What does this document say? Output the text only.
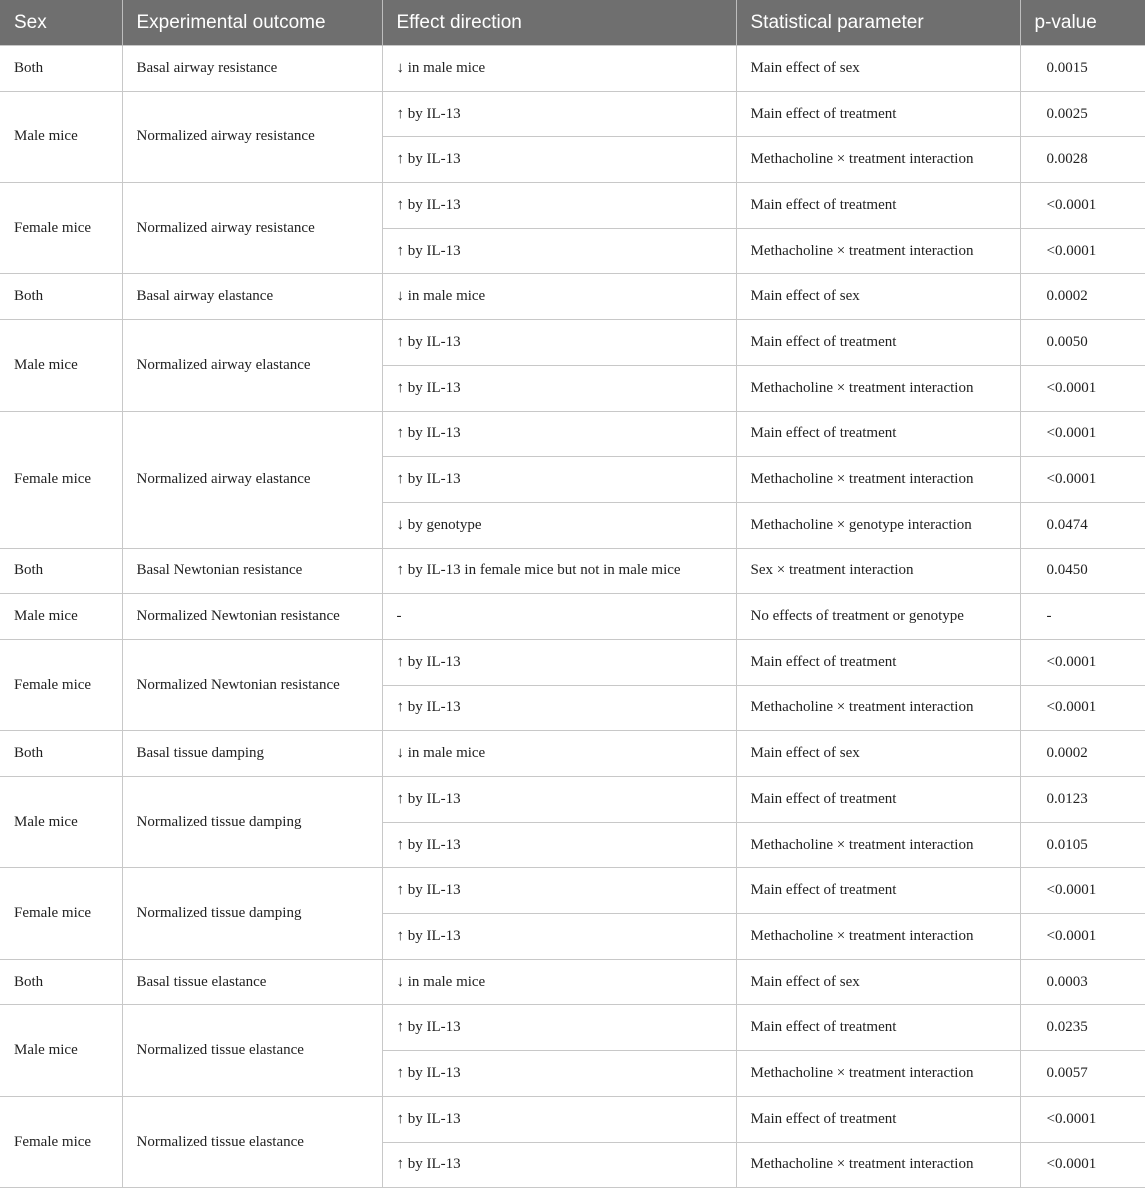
Sex	Experimental outcome	Effect direction	Statistical parameter	p-value
Both	Basal airway resistance	↓ in male mice	Main effect of sex	0.0015
Male mice	Normalized airway resistance	↑ by IL-13	Main effect of treatment	0.0025
		↑ by IL-13	Methacholine × treatment interaction	0.0028
Female mice	Normalized airway resistance	↑ by IL-13	Main effect of treatment	<0.0001
		↑ by IL-13	Methacholine × treatment interaction	<0.0001
Both	Basal airway elastance	↓ in male mice	Main effect of sex	0.0002
Male mice	Normalized airway elastance	↑ by IL-13	Main effect of treatment	0.0050
		↑ by IL-13	Methacholine × treatment interaction	<0.0001
Female mice	Normalized airway elastance	↑ by IL-13	Main effect of treatment	<0.0001
		↑ by IL-13	Methacholine × treatment interaction	<0.0001
		↓ by genotype	Methacholine × genotype interaction	0.0474
Both	Basal Newtonian resistance	↑ by IL-13 in female mice but not in male mice	Sex × treatment interaction	0.0450
Male mice	Normalized Newtonian resistance	-	No effects of treatment or genotype	-
Female mice	Normalized Newtonian resistance	↑ by IL-13	Main effect of treatment	<0.0001
		↑ by IL-13	Methacholine × treatment interaction	<0.0001
Both	Basal tissue damping	↓ in male mice	Main effect of sex	0.0002
Male mice	Normalized tissue damping	↑ by IL-13	Main effect of treatment	0.0123
		↑ by IL-13	Methacholine × treatment interaction	0.0105
Female mice	Normalized tissue damping	↑ by IL-13	Main effect of treatment	<0.0001
		↑ by IL-13	Methacholine × treatment interaction	<0.0001
Both	Basal tissue elastance	↓ in male mice	Main effect of sex	0.0003
Male mice	Normalized tissue elastance	↑ by IL-13	Main effect of treatment	0.0235
		↑ by IL-13	Methacholine × treatment interaction	0.0057
Female mice	Normalized tissue elastance	↑ by IL-13	Main effect of treatment	<0.0001
		↑ by IL-13	Methacholine × treatment interaction	<0.0001
